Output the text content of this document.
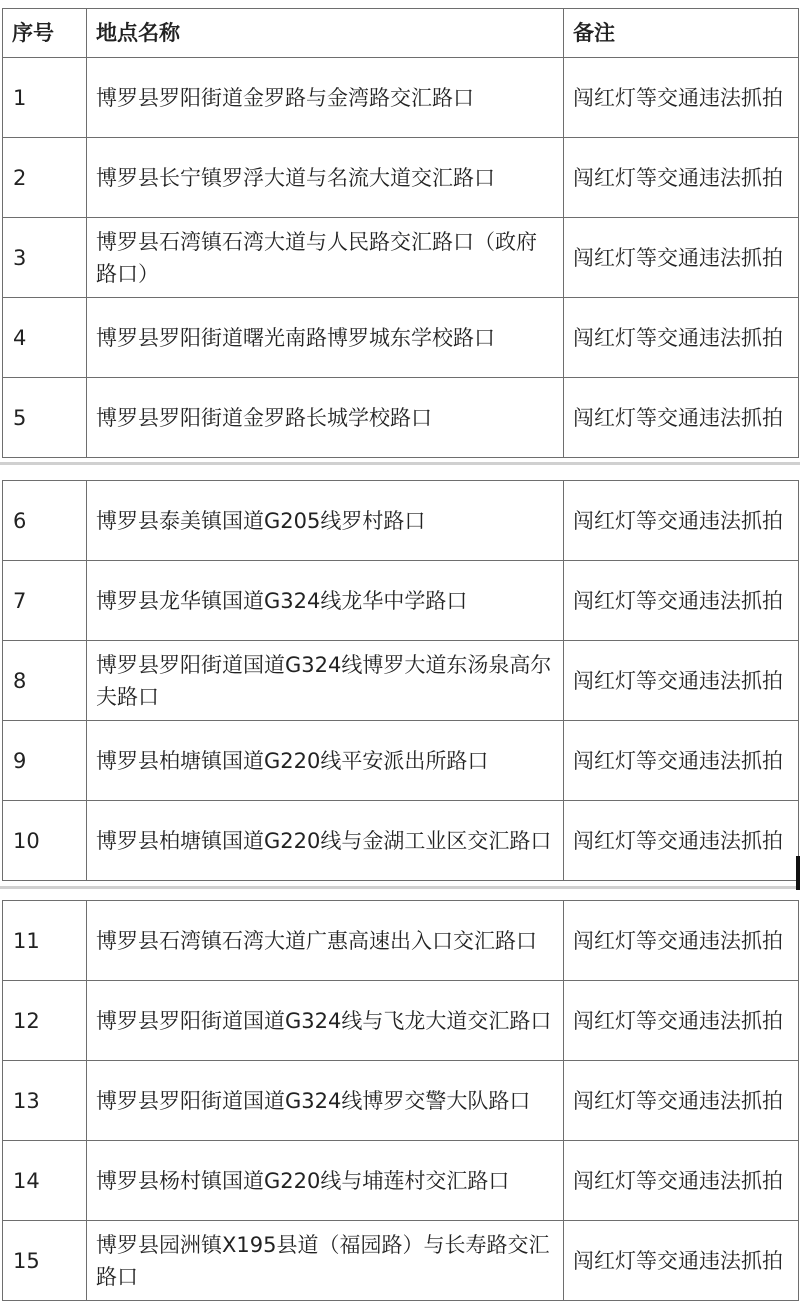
序号	地点名称	备注
1	博罗县罗阳街道金罗路与金湾路交汇路口	闯红灯等交通违法抓拍
2	博罗县长宁镇罗浮大道与名流大道交汇路口	闯红灯等交通违法抓拍
3	博罗县石湾镇石湾大道与人民路交汇路口（政府路口）	闯红灯等交通违法抓拍
4	博罗县罗阳街道曙光南路博罗城东学校路口	闯红灯等交通违法抓拍
5	博罗县罗阳街道金罗路长城学校路口	闯红灯等交通违法抓拍
6	博罗县泰美镇国道G205线罗村路口	闯红灯等交通违法抓拍
7	博罗县龙华镇国道G324线龙华中学路口	闯红灯等交通违法抓拍
8	博罗县罗阳街道国道G324线博罗大道东汤泉高尔夫路口	闯红灯等交通违法抓拍
9	博罗县柏塘镇国道G220线平安派出所路口	闯红灯等交通违法抓拍
10	博罗县柏塘镇国道G220线与金湖工业区交汇路口	闯红灯等交通违法抓拍
11	博罗县石湾镇石湾大道广惠高速出入口交汇路口	闯红灯等交通违法抓拍
12	博罗县罗阳街道国道G324线与飞龙大道交汇路口	闯红灯等交通违法抓拍
13	博罗县罗阳街道国道G324线博罗交警大队路口	闯红灯等交通违法抓拍
14	博罗县杨村镇国道G220线与埔莲村交汇路口	闯红灯等交通违法抓拍
15	博罗县园洲镇X195县道（福园路）与长寿路交汇路口	闯红灯等交通违法抓拍
